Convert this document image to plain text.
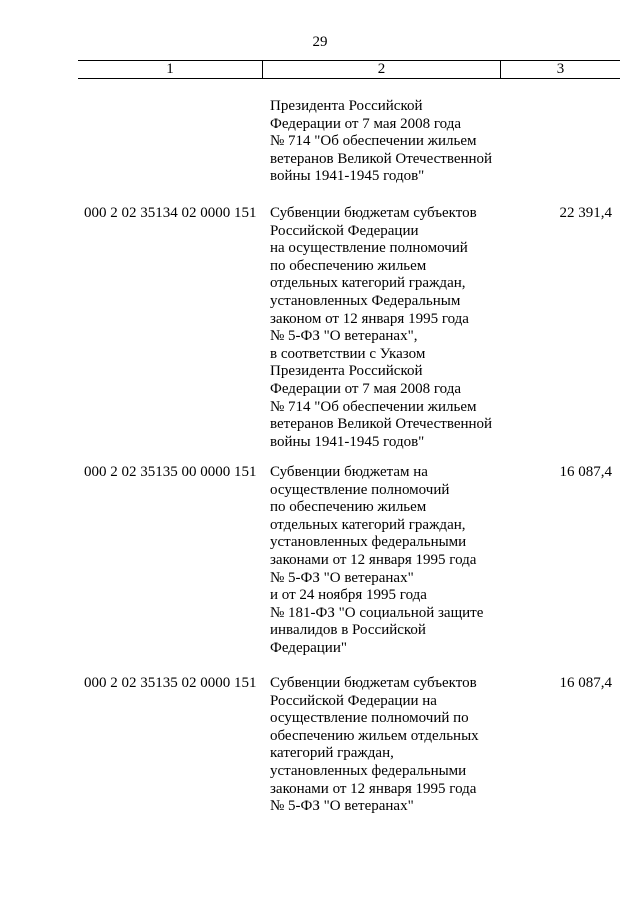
29
1	2	3
Президента Российской
Федерации от 7 мая 2008 года
№ 714 "Об обеспечении жильем
ветеранов Великой Отечественной
войны 1941-1945 годов"
000 2 02 35134 02 0000 151 Субвенции бюджетам субъектов
Российской Федерации
на осуществление полномочий
по обеспечению жильем
отдельных категорий граждан,
установленных Федеральным
законом от 12 января 1995 года
№ 5-ФЗ "О ветеранах",
в соответствии с Указом
Президента Российской
Федерации от 7 мая 2008 года
№ 714 "Об обеспечении жильем
ветеранов Великой Отечественной
войны 1941-1945 годов"
22 391,4
000 2 02 35135 00 0000 151 Субвенции бюджетам на
осуществление полномочий
по обеспечению жильем
отдельных категорий граждан,
установленных федеральными
законами от 12 января 1995 года
№ 5-ФЗ "О ветеранах"
и от 24 ноября 1995 года
№ 181-ФЗ "О социальной защите
инвалидов в Российской
Федерации"
16 087,4
000 2 02 35135 02 0000 151 Субвенции бюджетам субъектов
Российской Федерации на
осуществление полномочий по
обеспечению жильем отдельных
категорий граждан,
установленных федеральными
законами от 12 января 1995 года
№ 5-ФЗ "О ветеранах"
16 087,4
